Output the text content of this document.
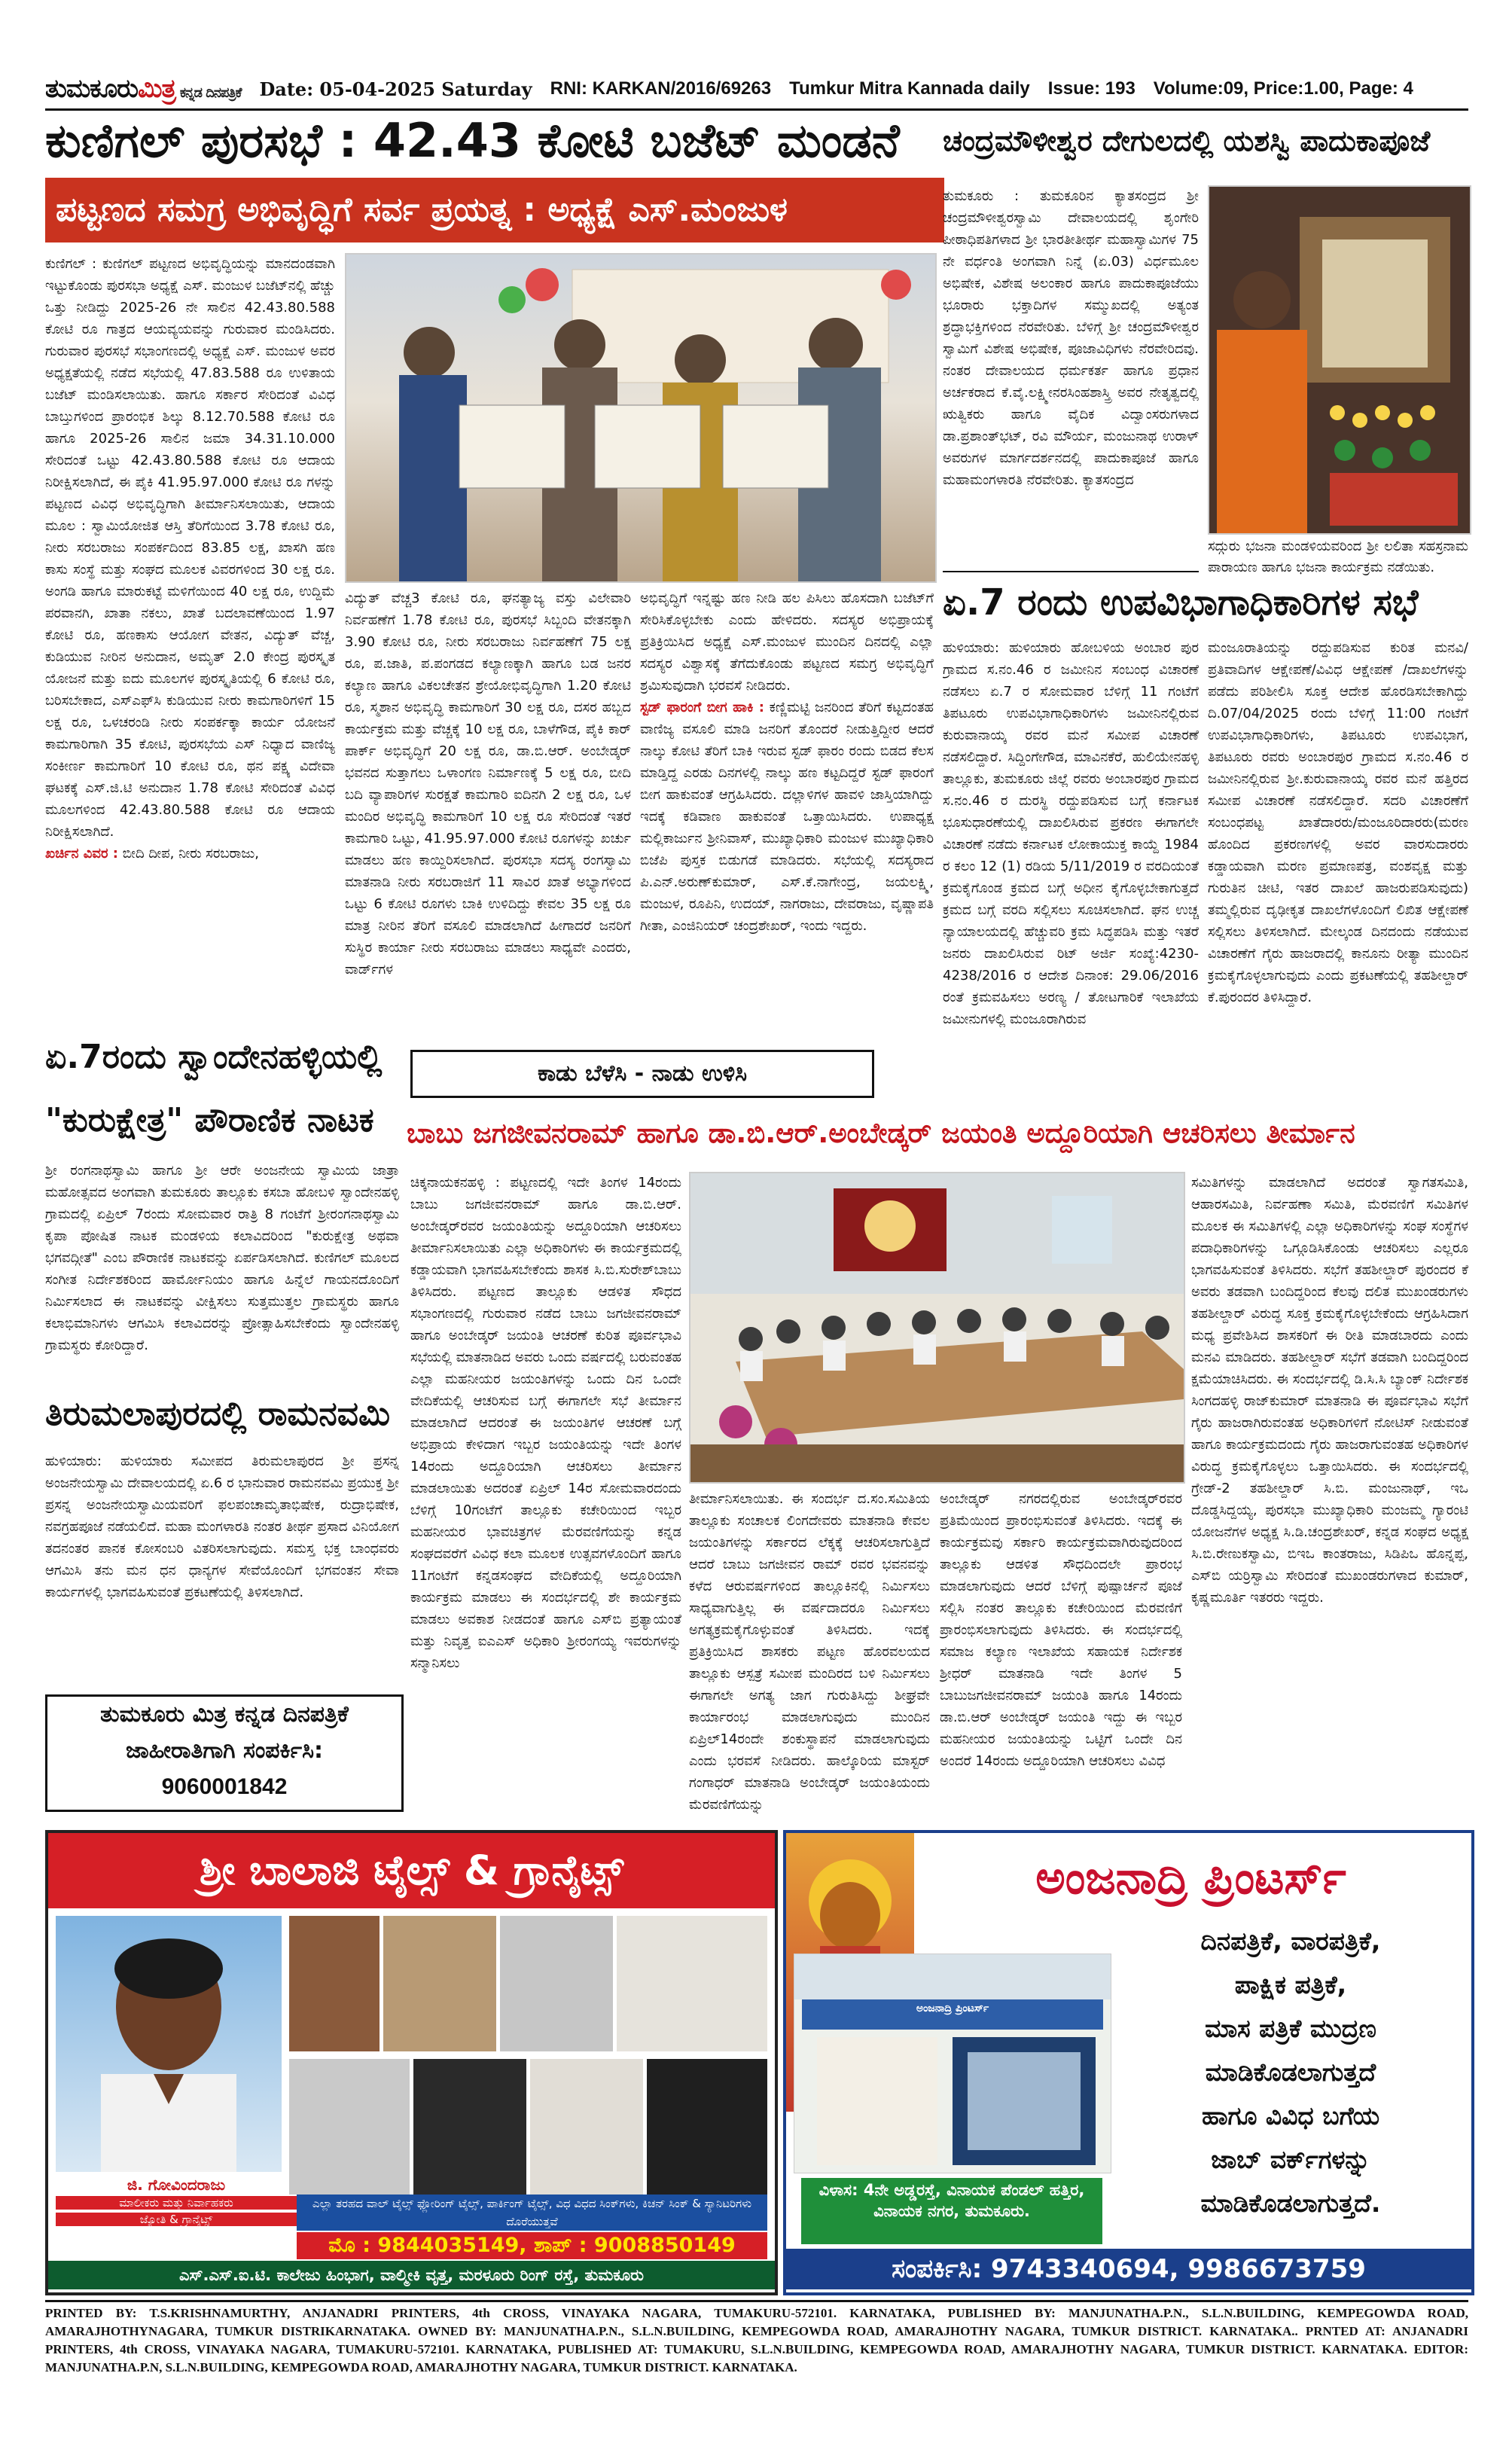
ತುಮಕೂರುಮಿತ್ರ ಕನ್ನಡ ದಿನಪತ್ರಿಕೆ Date: 05-04-2025 Saturday RNI: KARKAN/2016/69263 Tumkur Mitra Kannada daily Issue: 193 Volume:09, Price:1.00, Page: 4
ಕುಣಿಗಲ್ ಪುರಸಭೆ : 42.43 ಕೋಟಿ ಬಜೆಟ್ ಮಂಡನೆ
ಪಟ್ಟಣದ ಸಮಗ್ರ ಅಭಿವೃದ್ಧಿಗೆ ಸರ್ವ ಪ್ರಯತ್ನ : ಅಧ್ಯಕ್ಷೆ ಎಸ್.ಮಂಜುಳ

ಕುಣಿಗಲ್ : ಕುಣಿಗಲ್ ಪಟ್ಟಣದ ಅಭಿವೃದ್ಧಿಯನ್ನು ಮಾನದಂಡವಾಗಿ ಇಟ್ಟುಕೊಂಡು ಪುರಸಭಾ ಅಧ್ಯಕ್ಷೆ ಎಸ್. ಮಂಜುಳ ಬಜೆಟ್‌ನಲ್ಲಿ ಹೆಚ್ಚು ಒತ್ತು ನೀಡಿದ್ದು 2025-26 ನೇ ಸಾಲಿನ 42.43.80.588 ಕೋಟಿ ರೂ ಗಾತ್ರದ ಆಯವ್ಯಯವನ್ನು ಗುರುವಾರ ಮಂಡಿಸಿದರು. ಗುರುವಾರ ಪುರಸಭೆ ಸಭಾಂಗಣದಲ್ಲಿ ಅಧ್ಯಕ್ಷೆ ಎಸ್. ಮಂಜುಳ ಅವರ ಅಧ್ಯಕ್ಷತೆಯಲ್ಲಿ ನಡೆದ ಸಭೆಯಲ್ಲಿ 47.83.588 ರೂ ಉಳಿತಾಯ ಬಜೆಟ್ ಮಂಡಿಸಲಾಯಿತು. ಹಾಗೂ ಸರ್ಕಾರ ಸೇರಿದಂತೆ ವಿವಿಧ ಬಾಬ್ತುಗಳಿಂದ ಪ್ರಾರಂಭಿಕ ಶಿಲ್ಕು 8.12.70.588 ಕೋಟಿ ರೂ ಹಾಗೂ 2025-26 ಸಾಲಿನ ಜಮಾ 34.31.10.000 ಸೇರಿದಂತೆ ಒಟ್ಟು 42.43.80.588 ಕೋಟಿ ರೂ ಆದಾಯ ನಿರೀಕ್ಷಿಸಲಾಗಿದೆ, ಈ ಪೈಕಿ 41.95.97.000 ಕೋಟಿ ರೂ ಗಳನ್ನು ಪಟ್ಟಣದ ವಿವಿಧ ಅಭಿವೃದ್ಧಿಗಾಗಿ ತೀರ್ಮಾನಿಸಲಾಯಿತು, ಆದಾಯ ಮೂಲ : ಸ್ವಾಮಿಯೋಜಿತ ಆಸ್ತಿ ತೆರಿಗೆಯಿಂದ 3.78 ಕೋಟಿ ರೂ, ನೀರು ಸರಬರಾಜು ಸಂಪರ್ಕದಿಂದ 83.85 ಲಕ್ಷ, ಖಾಸಗಿ ಹಣ ಕಾಸು ಸಂಸ್ಥೆ ಮತ್ತು ಸಂಘದ ಮೂಲಕ ವಿವರಗಳಿಂದ 30 ಲಕ್ಷ ರೂ. ಅಂಗಡಿ ಹಾಗೂ ಮಾರುಕಟ್ಟೆ ಮಳಿಗೆಯಿಂದ 40 ಲಕ್ಷ ರೂ, ಉದ್ದಿಮೆ ಪರವಾನಗಿ, ಖಾತಾ ನಕಲು, ಖಾತೆ ಬದಲಾವಣೆಯಿಂದ 1.97 ಕೋಟಿ ರೂ, ಹಣಕಾಸು ಆಯೋಗ ವೇತನ, ವಿದ್ಯುತ್ ವೆಚ್ಚ, ಕುಡಿಯುವ ನೀರಿನ ಅನುದಾನ, ಅಮೃತ್ 2.0 ಕೇಂದ್ರ ಪುರಸ್ಕೃತ ಯೋಜನೆ ಮತ್ತು ಐದು ಮೂಲಗಳ ಪುರಸ್ಕೃತಿಯಲ್ಲಿ 6 ಕೋಟಿ ರೂ, ಬರಿಸಬೇಕಾದ, ಎಸ್‌ಎಫ್‌ಸಿ ಕುಡಿಯುವ ನೀರು ಕಾಮಗಾರಿಗಳಿಗೆ 15 ಲಕ್ಷ ರೂ, ಒಳಚರಂಡಿ ನೀರು ಸಂಪರ್ಕಕ್ಕಾ ಕಾರ್ಯ ಯೋಜನೆ ಕಾಮಗಾರಿಗಾಗಿ 35 ಕೋಟಿ, ಪುರಸಭೆಯ ಎಸ್ ನಿಧ್ಯಾದ ವಾಣಿಜ್ಯ ಸಂಕೀರ್ಣ ಕಾಮಗಾರಿಗೆ 10 ಕೋಟಿ ರೂ, ಥನ ಪಕ್ಷ್ಯ ವಿದೇವಾ ಘಟಕಕ್ಕೆ ಎಸ್.ಜಿ.ಟಿ ಅನುದಾನ 1.78 ಕೋಟಿ ಸೇರಿದಂತೆ ವಿವಿಧ ಮೂಲಗಳಿಂದ 42.43.80.588 ಕೋಟಿ ರೂ ಆದಾಯ ನಿರೀಕ್ಷಿಸಲಾಗಿದೆ.

ಖರ್ಚಿನ ವಿವರ : ಬೀದಿ ದೀಪ, ನೀರು ಸರಬರಾಜು,

ವಿದ್ಯುತ್ ವೆಚ್ಚ3 ಕೋಟಿ ರೂ, ಘನತ್ಯಾಜ್ಯ ವಸ್ತು ವಿಲೇವಾರಿ ನಿರ್ವಹಣೆಗೆ 1.78 ಕೋಟಿ ರೂ, ಪುರಸಭೆ ಸಿಬ್ಬಂದಿ ವೇತನಕ್ಕಾಗಿ 3.90 ಕೋಟಿ ರೂ, ನೀರು ಸರಬರಾಜು ನಿರ್ವಹಣೆಗೆ 75 ಲಕ್ಷ ರೂ, ಪ.ಜಾತಿ, ಪ.ಪಂಗಡದ ಕಲ್ಯಾಣಕ್ಕಾಗಿ ಹಾಗೂ ಬಡ ಜನರ ಕಲ್ಯಾಣ ಹಾಗೂ ವಿಕಲಚೇತನ ಶ್ರೇಯೋಭಿವೃದ್ಧಿಗಾಗಿ 1.20 ಕೋಟಿ ರೂ, ಸ್ಮಶಾನ ಅಭಿವೃದ್ಧಿ ಕಾಮಗಾರಿಗೆ 30 ಲಕ್ಷ ರೂ, ದಸರ ಹಬ್ಬದ ಕಾರ್ಯಕ್ರಮ ಮತ್ತು ವೆಚ್ಚಕ್ಕೆ 10 ಲಕ್ಷ ರೂ, ಬಾಳೆಗೌಡ, ಪೈಕಿ ಕಾರ್ ಪಾರ್ಕ್ ಅಭಿವೃದ್ಧಿಗೆ 20 ಲಕ್ಷ ರೂ, ಡಾ.ಬಿ.ಆರ್. ಅಂಬೇಡ್ಕರ್ ಭವನದ ಸುತ್ತಾಗಲು ಒಳಾಂಗಣ ನಿರ್ಮಾಣಕ್ಕೆ 5 ಲಕ್ಷ ರೂ, ಬೀದಿ ಬದಿ ವ್ಯಾಪಾರಿಗಳ ಸುರಕ್ಷತೆ ಕಾಮಗಾರಿ ಐದಿನಗಿ 2 ಲಕ್ಷ ರೂ, ಒಳ ಮಂದಿರ ಅಭಿವೃದ್ಧಿ ಕಾಮಗಾರಿಗೆ 10 ಲಕ್ಷ ರೂ ಸೇರಿದಂತೆ ಇತರೆ ಕಾಮಗಾರಿ ಒಟ್ಟು, 41.95.97.000 ಕೋಟಿ ರೂಗಳನ್ನು ಖರ್ಚು ಮಾಡಲು ಹಣ ಕಾಯ್ದಿರಿಸಲಾಗಿದೆ. ಪುರಸಭಾ ಸದಸ್ಯ ರಂಗಸ್ವಾಮಿ ಮಾತನಾಡಿ ನೀರು ಸರಬರಾಜಿಗೆ 11 ಸಾವಿರ ಖಾತೆ ಅಭ್ಯಾಗಳಿಂದ ಒಟ್ಟು 6 ಕೋಟಿ ರೂಗಳು ಬಾಕಿ ಉಳಿದಿದ್ದು ಕೇವಲ 35 ಲಕ್ಷ ರೂ ಮಾತ್ರ ನೀರಿನ ತೆರಿಗೆ ವಸೂಲಿ ಮಾಡಲಾಗಿದೆ ಹೀಗಾದರೆ ಜನರಿಗೆ ಸುಸ್ಥಿರ ಕಾರ್ಯಾ ನೀರು ಸರಬರಾಜು ಮಾಡಲು ಸಾಧ್ಯವೇ ಎಂದರು, ವಾರ್ಡ್‌ಗಳ

ಅಭಿವೃದ್ಧಿಗೆ ಇನ್ನಷ್ಟು ಹಣ ನೀಡಿ ಹಲ ಪಿಸಿಲು ಹೊಸದಾಗಿ ಬಜೆಟ್‌ಗೆ ಸೇರಿಸಿಕೊಳ್ಳಬೇಕು ಎಂದು ಹೇಳಿದರು. ಸದಸ್ಯರ ಅಭಿಪ್ರಾಯಕ್ಕೆ ಪ್ರತಿಕ್ರಿಯಿಸಿದ ಅಧ್ಯಕ್ಷೆ ಎಸ್.ಮಂಜುಳ ಮುಂದಿನ ದಿನದಲ್ಲಿ ಎಲ್ಲಾ ಸದಸ್ಯರ ವಿಶ್ವಾಸಕ್ಕೆ ತೆಗೆದುಕೊಂಡು ಪಟ್ಟಣದ ಸಮಗ್ರ ಅಭಿವೃದ್ಧಿಗೆ ಶ್ರಮಿಸುವುದಾಗಿ ಭರವಸೆ ನೀಡಿದರು.

ಸ್ಟಡ್ ಫಾರಂಗೆ ಬೀಗ ಹಾಕಿ : ಕಣ್ಣಿಮಟ್ಟಿ ಜನರಿಂದ ತೆರಿಗೆ ಕಟ್ಟದಂತಹ ವಾಣಿಜ್ಯ ವಸೂಲಿ ಮಾಡಿ ಜನರಿಗೆ ತೊಂದರೆ ನೀಡುತ್ತಿದ್ದೀರ ಆದರೆ ನಾಲ್ಕು ಕೋಟಿ ತೆರಿಗೆ ಬಾಕಿ ಇರುವ ಸ್ಟಡ್ ಫಾರಂ ರಂದು ಬಿಡದ ಕೆಲಸ ಮಾಡ್ತಿದ್ದ ಎರಡು ದಿನಗಳಲ್ಲಿ ನಾಲ್ಕು ಹಣ ಕಟ್ಟದಿದ್ದರೆ ಸ್ಟಡ್ ಫಾರಂಗೆ ಬೀಗ ಹಾಕುವಂತೆ ಆಗ್ರಹಿಸಿದರು. ದಲ್ಲಾಳಿಗಳ ಹಾವಳಿ ಜಾಸ್ತಿಯಾಗಿದ್ದು ಇದಕ್ಕೆ ಕಡಿವಾಣ ಹಾಕುವಂತೆ ಒತ್ತಾಯಿಸಿದರು. ಉಪಾಧ್ಯಕ್ಷ ಮಲ್ಲಿಕಾರ್ಜುನ ಶ್ರೀನಿವಾಸ್, ಮುಖ್ಯಾಧಿಕಾರಿ ಮಂಜುಳ ಮುಖ್ಯಾಧಿಕಾರಿ ಬಿಜೆಪಿ ಪುಸ್ತಕ ಬಿಡುಗಡೆ ಮಾಡಿದರು. ಸಭೆಯಲ್ಲಿ ಸದಸ್ಯರಾದ ಪಿ.ಎನ್.ಅರುಣ್‌ಕುಮಾರ್, ಎಸ್.ಕೆ.ನಾಗೇಂದ್ರ, ಜಯಲಕ್ಷ್ಮಿ, ಮಂಜುಳ, ರೂಪಿನಿ, ಉದಯ್, ನಾಗರಾಜು, ದೇವರಾಜು, ವೃಷ್ಣಾಪತಿ ಗೀತಾ, ಎಂಜಿನಿಯರ್ ಚಂದ್ರಶೇಖರ್, ಇಂದು ಇದ್ದರು.

ಚಂದ್ರಮೌಳೀಶ್ವರ ದೇಗುಲದಲ್ಲಿ ಯಶಸ್ವಿ ಪಾದುಕಾಪೂಜೆ

ತುಮಕೂರು : ತುಮಕೂರಿನ ಕ್ಯಾತಸಂದ್ರದ ಶ್ರೀ ಚಂದ್ರಮೌಳೀಶ್ವರಸ್ವಾಮಿ ದೇವಾಲಯದಲ್ಲಿ ಶೃಂಗೇರಿ ಪೀಠಾಧಿಪತಿಗಳಾದ ಶ್ರೀ ಭಾರತೀತೀರ್ಥ ಮಹಾಸ್ವಾಮಿಗಳ 75 ನೇ ವರ್ಧಂತಿ ಅಂಗವಾಗಿ ನಿನ್ನೆ (ಏ.03) ವಿರ್ಧಮೂಲ ಅಭಿಷೇಕ, ವಿಶೇಷ ಅಲಂಕಾರ ಹಾಗೂ ಪಾದುಕಾಪೂಜೆಯು ಭೂರಾರು ಭಕ್ತಾದಿಗಳ ಸಮ್ಮುಖದಲ್ಲಿ ಅತ್ಯಂತ ಶ್ರದ್ಧಾಭಕ್ತಿಗಳಿಂದ ನೆರವೇರಿತು. ಬೆಳಿಗ್ಗೆ ಶ್ರೀ ಚಂದ್ರಮೌಳೀಶ್ವರ ಸ್ವಾಮಿಗೆ ವಿಶೇಷ ಅಭಿಷೇಕ, ಪೂಜಾವಿಧಿಗಳು ನೆರವೇರಿದವು. ನಂತರ ದೇವಾಲಯದ ಧರ್ಮಕರ್ತ ಹಾಗೂ ಪ್ರಧಾನ ಅರ್ಚಕರಾದ ಕೆ.ವೈ.ಲಕ್ಷ್ಮೀನರಸಿಂಹಶಾಸ್ತ್ರಿ ಅವರ ನೇತೃತ್ವದಲ್ಲಿ ಋತ್ವಿಕರು ಹಾಗೂ ವೈದಿಕ ವಿದ್ವಾಂಸರುಗಳಾದ ಡಾ.ಪ್ರಶಾಂತ್‌ಭಟ್, ರವಿ ಮೌರ್ಯ, ಮಂಜುನಾಥ ಉರಾಳ್ ಅವರುಗಳ ಮಾರ್ಗದರ್ಶನದಲ್ಲಿ ಪಾದುಕಾಪೂಜೆ ಹಾಗೂ ಮಹಾಮಂಗಳಾರತಿ ನೆರವೇರಿತು. ಕ್ಯಾತಸಂದ್ರದ

ಸದ್ಗುರು ಭಜನಾ ಮಂಡಳಿಯವರಿಂದ ಶ್ರೀ ಲಲಿತಾ ಸಹಸ್ರನಾಮ ಪಾರಾಯಣ ಹಾಗೂ ಭಜನಾ ಕಾರ್ಯಕ್ರಮ ನಡೆಯಿತು.

ಏ.7 ರಂದು ಉಪವಿಭಾಗಾಧಿಕಾರಿಗಳ ಸಭೆ

ಹುಳಿಯಾರು: ಹುಳಿಯಾರು ಹೋಬಳಿಯ ಅಂಬಾರ ಪುರ ಗ್ರಾಮದ ಸ.ನಂ.46 ರ ಜಮೀನಿನ ಸಂಬಂಧ ವಿಚಾರಣೆ ನಡೆಸಲು ಏ.7 ರ ಸೋಮವಾರ ಬೆಳಿಗ್ಗೆ 11 ಗಂಟೆಗೆ ತಿಪಟೂರು ಉಪವಿಭಾಗಾಧಿಕಾರಿಗಳು ಜಮೀನಿನಲ್ಲಿರುವ ಕುರುವಾನಾಯ್ಕ ರವರ ಮನೆ ಸಮೀಪ ವಿಚಾರಣೆ ನಡೆಸಲಿದ್ದಾರೆ. ಸಿದ್ದಿಂಗೇಗೌಡ, ಮಾವಿನಕೆರೆ, ಹುಲಿಯೇನಹಳ್ಳಿ ತಾಲ್ಲೂಕು, ತುಮಕೂರು ಜಿಲ್ಲೆ ರವರು ಅಂಬಾರಪುರ ಗ್ರಾಮದ ಸ.ನಂ.46 ರ ದುರಸ್ಥಿ ರದ್ದುಪಡಿಸುವ ಬಗ್ಗೆ ಕರ್ನಾಟಕ ಭೂಸುಧಾರಣೆಯಲ್ಲಿ ದಾಖಲಿಸಿರುವ ಪ್ರಕರಣ ಈಗಾಗಲೇ ವಿಚಾರಣೆ ನಡೆದು ಕರ್ನಾಟಕ ಲೋಕಾಯುಕ್ತ ಕಾಯ್ದೆ 1984 ರ ಕಲಂ 12 (1) ರಡಿಯ 5/11/2019 ರ ವರದಿಯಂತೆ ಕ್ರಮಕೈಗೊಂಡ ಕ್ರಮದ ಬಗ್ಗೆ ಅಧೀನ ಕೈಗೊಳ್ಳಬೇಕಾಗುತ್ತದೆ ಕ್ರಮದ ಬಗ್ಗೆ ವರದಿ ಸಲ್ಲಿಸಲು ಸೂಚಿಸಲಾಗಿದೆ. ಘನ ಉಚ್ಚ ನ್ಯಾಯಾಲಯದಲ್ಲಿ ಹೆಚ್ಚುವರಿ ಕ್ರಮ ಸಿದ್ಧಪಡಿಸಿ ಮತ್ತು ಇತರೆ ಜನರು ದಾಖಲಿಸಿರುವ ರಿಟ್ ಅರ್ಜಿ ಸಂಖ್ಯೆ:4230-4238/2016 ರ ಆದೇಶ ದಿನಾಂಕ: 29.06/2016 ರಂತೆ ಕ್ರಮವಹಿಸಲು ಅರಣ್ಯ / ತೋಟಗಾರಿಕೆ ಇಲಾಖೆಯ ಜಮೀನುಗಳಲ್ಲಿ ಮಂಜೂರಾಗಿರುವ

ಮಂಜೂರಾತಿಯನ್ನು ರದ್ದುಪಡಿಸುವ ಕುರಿತ ಮನವಿ/ಪ್ರತಿವಾದಿಗಳ ಆಕ್ಷೇಪಣೆ/ವಿವಿಧ ಆಕ್ಷೇಪಣೆ /ದಾಖಲೆಗಳನ್ನು ಪಡೆದು ಪರಿಶೀಲಿಸಿ ಸೂಕ್ತ ಆದೇಶ ಹೊರಡಿಸಬೇಕಾಗಿದ್ದು ದಿ.07/04/2025 ರಂದು ಬೆಳಿಗ್ಗೆ 11:00 ಗಂಟೆಗೆ ಉಪವಿಭಾಗಾಧಿಕಾರಿಗಳು, ತಿಪಟೂರು ಉಪವಿಭಾಗ, ತಿಪಟೂರು ರವರು ಅಂಬಾರಪುರ ಗ್ರಾಮದ ಸ.ನಂ.46 ರ ಜಮೀನಿನಲ್ಲಿರುವ ಶ್ರೀ.ಕುರುವಾನಾಯ್ಕ ರವರ ಮನೆ ಹತ್ತಿರದ ಸಮೀಪ ವಿಚಾರಣೆ ನಡೆಸಲಿದ್ದಾರೆ. ಸದರಿ ವಿಚಾರಣೆಗೆ ಸಂಬಂಧಪಟ್ಟ ಖಾತೆದಾರರು/ಮಂಜೂರಿದಾರರು(ಮರಣ ಹೊಂದಿದ ಪ್ರಕರಣಗಳಲ್ಲಿ ಅವರ ವಾರಸುದಾರರು ಕಡ್ಡಾಯವಾಗಿ ಮರಣ ಪ್ರಮಾಣಪತ್ರ, ವಂಶವೃಕ್ಷ ಮತ್ತು ಗುರುತಿನ ಚೀಟಿ, ಇತರ ದಾಖಲೆ ಹಾಜರುಪಡಿಸುವುದು) ತಮ್ಮಲ್ಲಿರುವ ದೃಢೀಕೃತ ದಾಖಲೆಗಳೊಂದಿಗೆ ಲಿಖಿತ ಆಕ್ಷೇಪಣೆ ಸಲ್ಲಿಸಲು ತಿಳಿಸಲಾಗಿದೆ. ಮೇಲ್ಕಂಡ ದಿನದಂದು ನಡೆಯುವ ವಿಚಾರಣೆಗೆ ಗೈರು ಹಾಜರಾದಲ್ಲಿ ಕಾನೂನು ರೀತ್ಯಾ ಮುಂದಿನ ಕ್ರಮಕೈಗೊಳ್ಳಲಾಗುವುದು ಎಂದು ಪ್ರಕಟಣೆಯಲ್ಲಿ ತಹಶೀಲ್ದಾರ್ ಕೆ.ಪುರಂದರ ತಿಳಿಸಿದ್ದಾರೆ.

ಏ.7ರಂದು ಸ್ವಾಂದೇನಹಳ್ಳಿಯಲ್ಲಿ
"ಕುರುಕ್ಷೇತ್ರ" ಪೌರಾಣಿಕ ನಾಟಕ

ಶ್ರೀ ರಂಗನಾಥಸ್ವಾಮಿ ಹಾಗೂ ಶ್ರೀ ಆರೇ ಅಂಜನೇಯ ಸ್ವಾಮಿಯ ಜಾತ್ರಾ ಮಹೋತ್ಸವದ ಅಂಗವಾಗಿ ತುಮಕೂರು ತಾಲ್ಲೂಕು ಕಸಬಾ ಹೋಬಳಿ ಸ್ವಾಂದೇನಹಳ್ಳಿ ಗ್ರಾಮದಲ್ಲಿ ಏಪ್ರಿಲ್ 7ರಂದು ಸೋಮವಾರ ರಾತ್ರಿ 8 ಗಂಟೆಗೆ ಶ್ರೀರಂಗನಾಥಸ್ವಾಮಿ ಕೃಪಾ ಪೋಷಿತ ನಾಟಕ ಮಂಡಳಿಯ ಕಲಾವಿದರಿಂದ "ಕುರುಕ್ಷೇತ್ರ ಅಥವಾ ಭಗವದ್ಗೀತೆ" ಎಂಬ ಪೌರಾಣಿಕ ನಾಟಕವನ್ನು ಏರ್ಪಡಿಸಲಾಗಿದೆ. ಕುಣಿಗಲ್ ಮೂಲದ ಸಂಗೀತ ನಿರ್ದೇಶಕರಿಂದ ಹಾರ್ಮೋನಿಯಂ ಹಾಗೂ ಹಿನ್ನೆಲೆ ಗಾಯನದೊಂದಿಗೆ ನಿರ್ಮಿಸಲಾದ ಈ ನಾಟಕವನ್ನು ವೀಕ್ಷಿಸಲು ಸುತ್ತಮುತ್ತಲ ಗ್ರಾಮಸ್ಥರು ಹಾಗೂ ಕಲಾಭಿಮಾನಿಗಳು ಆಗಮಿಸಿ ಕಲಾವಿದರನ್ನು ಪ್ರೋತ್ಸಾಹಿಸಬೇಕೆಂದು ಸ್ವಾಂದೇನಹಳ್ಳಿ ಗ್ರಾಮಸ್ಥರು ಕೋರಿದ್ದಾರೆ.

ತಿರುಮಲಾಪುರದಲ್ಲಿ ರಾಮನವಮಿ

ಹುಳಿಯಾರು: ಹುಳಿಯಾರು ಸಮೀಪದ ತಿರುಮಲಾಪುರದ ಶ್ರೀ ಪ್ರಸನ್ನ ಅಂಜನೇಯಸ್ವಾಮಿ ದೇವಾಲಯದಲ್ಲಿ ಏ.6 ರ ಭಾನುವಾರ ರಾಮನವಮಿ ಪ್ರಯುಕ್ತ ಶ್ರೀ ಪ್ರಸನ್ನ ಅಂಜನೇಯಸ್ವಾಮಿಯವರಿಗೆ ಫಲಪಂಚಾಮೃತಾಭಿಷೇಕ, ರುದ್ರಾಭಿಷೇಕ, ನವಗ್ರಹಪೂಜೆ ನಡೆಯಲಿದೆ. ಮಹಾ ಮಂಗಳಾರತಿ ನಂತರ ತೀರ್ಥ ಪ್ರಸಾದ ವಿನಿಯೋಗ ತದನಂತರ ಪಾನಕ ಕೋಸಂಬರಿ ವಿತರಿಸಲಾಗುವುದು. ಸಮಸ್ತ ಭಕ್ತ ಬಾಂಧವರು ಆಗಮಿಸಿ ತನು ಮನ ಧನ ಧಾನ್ಯಗಳ ಸೇವೆಯೊಂದಿಗೆ ಭಗವಂತನ ಸೇವಾ ಕಾರ್ಯಗಳಲ್ಲಿ ಭಾಗವಹಿಸುವಂತೆ ಪ್ರಕಟಣೆಯಲ್ಲಿ ತಿಳಿಸಲಾಗಿದೆ.

ತುಮಕೂರು ಮಿತ್ರ ಕನ್ನಡ ದಿನಪತ್ರಿಕೆ
ಜಾಹೀರಾತಿಗಾಗಿ ಸಂಪರ್ಕಿಸಿ:
9060001842
ಕಾಡು ಬೆಳೆಸಿ - ನಾಡು ಉಳಿಸಿ
ಬಾಬು ಜಗಜೀವನರಾಮ್ ಹಾಗೂ ಡಾ.ಬಿ.ಆರ್.ಅಂಬೇಡ್ಕರ್ ಜಯಂತಿ ಅದ್ದೂರಿಯಾಗಿ ಆಚರಿಸಲು ತೀರ್ಮಾನ

ಚಿಕ್ಕನಾಯಕನಹಳ್ಳಿ : ಪಟ್ಟಣದಲ್ಲಿ ಇದೇ ತಿಂಗಳ 14ರಂದು ಬಾಬು ಜಗಜೀವನರಾಮ್ ಹಾಗೂ ಡಾ.ಬಿ.ಆರ್. ಅಂಬೇಡ್ಕರ್‌ರವರ ಜಯಂತಿಯನ್ನು ಅದ್ದೂರಿಯಾಗಿ ಆಚರಿಸಲು ತೀರ್ಮಾನಿಸಲಾಯಿತು ಎಲ್ಲಾ ಅಧಿಕಾರಿಗಳು ಈ ಕಾರ್ಯಕ್ರಮದಲ್ಲಿ ಕಡ್ಡಾಯವಾಗಿ ಭಾಗವಹಿಸಬೇಕೆಂದು ಶಾಸಕ ಸಿ.ಬಿ.ಸುರೇಶ್‌ಬಾಬು ತಿಳಿಸಿದರು. ಪಟ್ಟಣದ ತಾಲ್ಲೂಕು ಆಡಳಿತ ಸೌಧದ ಸಭಾಂಗಣದಲ್ಲಿ ಗುರುವಾರ ನಡೆದ ಬಾಬು ಜಗಜೀವನರಾಮ್ ಹಾಗೂ ಅಂಬೇಡ್ಕರ್ ಜಯಂತಿ ಆಚರಣೆ ಕುರಿತ ಪೂರ್ವಭಾವಿ ಸಭೆಯಲ್ಲಿ ಮಾತನಾಡಿದ ಅವರು ಒಂದು ವರ್ಷದಲ್ಲಿ ಬರುವಂತಹ ಎಲ್ಲಾ ಮಹನೀಯರ ಜಯಂತಿಗಳನ್ನು ಒಂದು ದಿನ ಒಂದೇ ವೇದಿಕೆಯಲ್ಲಿ ಆಚರಿಸುವ ಬಗ್ಗೆ ಈಗಾಗಲೇ ಸಭೆ ತೀರ್ಮಾನ ಮಾಡಲಾಗಿದೆ ಆದರಂತೆ ಈ ಜಯಂತಿಗಳ ಆಚರಣೆ ಬಗ್ಗೆ ಅಭಿಪ್ರಾಯ ಕೇಳಿದಾಗ ಇಬ್ಬರ ಜಯಂತಿಯನ್ನು ಇದೇ ತಿಂಗಳ 14ರಂದು ಅದ್ದೂರಿಯಾಗಿ ಆಚರಿಸಲು ತೀರ್ಮಾನ ಮಾಡಲಾಯಿತು ಅದರಂತೆ ಏಪ್ರಿಲ್ 14ರ ಸೋಮವಾರದಂದು ಬೆಳಿಗ್ಗೆ 10ಗಂಟೆಗೆ ತಾಲ್ಲೂಕು ಕಚೇರಿಯಿಂದ ಇಬ್ಬರ ಮಹನೀಯರ ಭಾವಚಿತ್ರಗಳ ಮೆರವಣಿಗೆಯನ್ನು ಕನ್ನಡ ಸಂಘದವರೆಗೆ ವಿವಿಧ ಕಲಾ ಮೂಲಕ ಉತ್ಸವಗಳೊಂದಿಗೆ ಹಾಗೂ 11ಗಂಟೆಗೆ ಕನ್ನಡಸಂಘದ ವೇದಿಕೆಯಲ್ಲಿ ಅದ್ದೂರಿಯಾಗಿ ಕಾರ್ಯಕ್ರಮ ಮಾಡಲು ಈ ಸಂದರ್ಭದಲ್ಲಿ ಶೇ ಕಾರ್ಯಕ್ರಮ ಮಾಡಲು ಅವಕಾಶ ನೀಡದಂತೆ ಹಾಗೂ ಎಸ್‌ಬಿ ಪ್ರತ್ಯಾಯಂತೆ ಮತ್ತು ನಿವೃತ್ತ ಐಎಎಸ್ ಅಧಿಕಾರಿ ಶ್ರೀರಂಗಯ್ಯ ಇವರುಗಳನ್ನು ಸನ್ಮಾನಿಸಲು

ತೀರ್ಮಾನಿಸಲಾಯಿತು. ಈ ಸಂದರ್ಭ ದ.ಸಂ.ಸಮಿತಿಯ ತಾಲ್ಲೂಕು ಸಂಚಾಲಕ ಲಿಂಗದೇವರು ಮಾತನಾಡಿ ಕೇವಲ ಜಯಂತಿಗಳನ್ನು ಸರ್ಕಾರದ ಲೆಕ್ಕಕ್ಕೆ ಆಚರಿಸಲಾಗುತ್ತಿದೆ ಆದರೆ ಬಾಬು ಜಗಜೀವನ ರಾಮ್ ರವರ ಭವನವನ್ನು ಕಳೆದ ಆರುವರ್ಷಗಳಿಂದ ತಾಲ್ಲೂಕಿನಲ್ಲಿ ನಿರ್ಮಿಸಲು ಸಾಧ್ಯವಾಗುತ್ತಿಲ್ಲ ಈ ವರ್ಷದಾದರೂ ನಿರ್ಮಿಸಲು ಅಗತ್ಯಕ್ರಮಕೈಗೊಳ್ಳುವಂತೆ ತಿಳಿಸಿದರು. ಇದಕ್ಕೆ ಪ್ರತಿಕ್ರಿಯಿಸಿದ ಶಾಸಕರು ಪಟ್ಟಣ ಹೊರವಲಯದ ತಾಲ್ಲೂಕು ಆಸ್ಪತ್ರೆ ಸಮೀಪ ಮಂದಿರದ ಬಳಿ ನಿರ್ಮಿಸಲು ಈಗಾಗಲೇ ಅಗತ್ಯ ಜಾಗ ಗುರುತಿಸಿದ್ದು ಶೀಘ್ರವೇ ಕಾರ್ಯಾರಂಭ ಮಾಡಲಾಗುವುದು ಮುಂದಿನ ಏಪ್ರಿಲ್‌14ರಂದೇ ಶಂಕುಸ್ಥಾಪನೆ ಮಾಡಲಾಗುವುದು ಎಂದು ಭರವಸೆ ನೀಡಿದರು. ಹಾಲ್ಕೊರಿಯ ಮಾಸ್ಟರ್ ಗಂಗಾಧರ್ ಮಾತನಾಡಿ ಅಂಬೇಡ್ಕರ್ ಜಯಂತಿಯಂದು ಮೆರವಣಿಗೆಯನ್ನು

ಅಂಬೇಡ್ಕರ್ ನಗರದಲ್ಲಿರುವ ಅಂಬೇಡ್ಕರ್‌ರವರ ಪ್ರತಿಮೆಯಿಂದ ಪ್ರಾರಂಭಿಸುವಂತೆ ತಿಳಿಸಿದರು. ಇದಕ್ಕೆ ಈ ಕಾರ್ಯಕ್ರಮವು ಸರ್ಕಾರಿ ಕಾರ್ಯಕ್ರಮವಾಗಿರುವುದರಿಂದ ತಾಲ್ಲೂಕು ಆಡಳಿತ ಸೌಧದಿಂದಲೇ ಪ್ರಾರಂಭ ಮಾಡಲಾಗುವುದು ಆದರೆ ಬೆಳಿಗ್ಗೆ ಪುಷ್ಪಾರ್ಚನೆ ಪೂಜೆ ಸಲ್ಲಿಸಿ ನಂತರ ತಾಲ್ಲೂಕು ಕಚೇರಿಯಿಂದ ಮೆರವಣಿಗೆ ಪ್ರಾರಂಭಿಸಲಾಗುವುದು ತಿಳಿಸಿದರು. ಈ ಸಂದರ್ಭದಲ್ಲಿ ಸಮಾಜ ಕಲ್ಯಾಣ ಇಲಾಖೆಯ ಸಹಾಯಕ ನಿರ್ದೇಶಕ ಶ್ರೀಧರ್ ಮಾತನಾಡಿ ಇದೇ ತಿಂಗಳ 5 ಬಾಬುಜಗಜೀವನರಾಮ್ ಜಯಂತಿ ಹಾಗೂ 14ರಂದು ಡಾ.ಬಿ.ಆರ್ ಅಂಬೇಡ್ಕರ್ ಜಯಂತಿ ಇದ್ದು ಈ ಇಬ್ಬರ ಮಹನೀಯರ ಜಯಂತಿಯನ್ನು ಒಟ್ಟಿಗೆ ಒಂದೇ ದಿನ ಅಂದರೆ 14ರಂದು ಅದ್ದೂರಿಯಾಗಿ ಆಚರಿಸಲು ವಿವಿಧ

ಸಮಿತಿಗಳನ್ನು ಮಾಡಲಾಗಿದೆ ಅದರಂತೆ ಸ್ವಾಗತಸಮಿತಿ, ಆಹಾರಸಮಿತಿ, ನಿರ್ವಹಣಾ ಸಮಿತಿ, ಮೆರವಣಿಗೆ ಸಮಿತಿಗಳ ಮೂಲಕ ಈ ಸಮಿತಿಗಳಲ್ಲಿ ಎಲ್ಲಾ ಅಧಿಕಾರಿಗಳನ್ನು ಸಂಘ ಸಂಸ್ಥೆಗಳ ಪದಾಧಿಕಾರಿಗಳನ್ನು ಒಗ್ಗೂಡಿಸಿಕೊಂಡು ಆಚರಿಸಲು ಎಲ್ಲರೂ ಭಾಗವಹಿಸುವಂತೆ ತಿಳಿಸಿದರು. ಸಭೆಗೆ ತಹಶೀಲ್ದಾರ್ ಪುರಂದರ ಕೆ ಅವರು ತಡವಾಗಿ ಬಂದಿದ್ದರಿಂದ ಕೆಲವು ದಲಿತ ಮುಖಂಡರುಗಳು ತಹಶೀಲ್ದಾರ್ ವಿರುದ್ಧ ಸೂಕ್ತ ಕ್ರಮಕೈಗೊಳ್ಳಬೇಕೆಂದು ಆಗ್ರಹಿಸಿದಾಗ ಮಧ್ಯ ಪ್ರವೇಶಿಸಿದ ಶಾಸಕರಿಗೆ ಈ ರೀತಿ ಮಾಡಬಾರದು ಎಂದು ಮನವಿ ಮಾಡಿದರು. ತಹಶೀಲ್ದಾರ್ ಸಭೆಗೆ ತಡವಾಗಿ ಬಂದಿದ್ದರಿಂದ ಕ್ಷಮೆಯಾಚಿಸಿದರು. ಈ ಸಂದರ್ಭದಲ್ಲಿ ಡಿ.ಸಿ.ಸಿ ಬ್ಯಾಂಕ್ ನಿರ್ದೇಶಕ ಸಿಂಗದಹಳ್ಳಿ ರಾಜ್‌ಕುಮಾರ್ ಮಾತನಾಡಿ ಈ ಪೂರ್ವಭಾವಿ ಸಭೆಗೆ ಗೈರು ಹಾಜರಾಗಿರುವಂತಹ ಅಧಿಕಾರಿಗಳಿಗೆ ನೋಟಿಸ್ ನೀಡುವಂತೆ ಹಾಗೂ ಕಾರ್ಯಕ್ರಮದಂದು ಗೈರು ಹಾಜರಾಗುವಂತಹ ಅಧಿಕಾರಿಗಳ ವಿರುದ್ಧ ಕ್ರಮಕೈಗೊಳ್ಳಲು ಒತ್ತಾಯಿಸಿದರು. ಈ ಸಂದರ್ಭದಲ್ಲಿ ಗ್ರೇಡ್-2 ತಹಶೀಲ್ದಾರ್ ಸಿ.ಬಿ. ಮಂಜುನಾಥ್, ಇಒ ದೊಡ್ಡಸಿದ್ದಯ್ಯ, ಪುರಸಭಾ ಮುಖ್ಯಾಧಿಕಾರಿ ಮಂಜಮ್ಮ ಗ್ಯಾರಂಟಿ ಯೋಜನೆಗಳ ಅಧ್ಯಕ್ಷ ಸಿ.ಡಿ.ಚಂದ್ರಶೇಖರ್, ಕನ್ನಡ ಸಂಘದ ಅಧ್ಯಕ್ಷ ಸಿ.ಬಿ.ರೇಣುಕಸ್ವಾಮಿ, ಬಿಇಒ ಕಾಂತರಾಜು, ಸಿಡಿಪಿಒ ಹೊನ್ನಪ್ಪ, ಎಸ್‌ಬಿ ಯರ್ರಿಸ್ವಾಮಿ ಸೇರಿದಂತೆ ಮುಖಂಡರುಗಳಾದ ಕುಮಾರ್, ಕೃಷ್ಣಮೂರ್ತಿ ಇತರರು ಇದ್ದರು.

ಶ್ರೀ ಬಾಲಾಜಿ ಟೈಲ್ಸ್ & ಗ್ರಾನೈಟ್ಸ್
ಜಿ. ಗೋವಿಂದರಾಜು
ಮಾಲೀಕರು ಮತ್ತು ನಿರ್ವಾಹಕರು
ಜ್ಯೋತಿ & ಗ್ರಾನೈಟ್ಸ್
ಎಲ್ಲಾ ತರಹದ ವಾಲ್ ಟೈಲ್ಸ್ ಫ್ಲೋರಿಂಗ್ ಟೈಲ್ಸ್, ಪಾರ್ಕಿಂಗ್ ಟೈಲ್ಸ್, ವಿಧ ವಿಧದ ಸಿಂಕ್‌ಗಳು, ಕಿಚನ್ ಸಿಂಕ್ & ಸ್ಯಾನಿಟರಿಗಳು ದೊರೆಯುತ್ತವೆ
ಮೊ : 9844035149, ಶಾಪ್ : 9008850149
ಎಸ್.ಎಸ್.ಐ.ಟಿ. ಕಾಲೇಜು ಹಿಂಭಾಗ, ವಾಲ್ಮೀಕಿ ವೃತ್ತ, ಮರಳೂರು ರಿಂಗ್ ರಸ್ತೆ, ತುಮಕೂರು
ಅಂಜನಾದ್ರಿ ಪ್ರಿಂಟರ್ಸ್
ಅಂಜನಾದ್ರಿ ಪ್ರಿಂಟರ್ಸ್
ದಿನಪತ್ರಿಕೆ, ವಾರಪತ್ರಿಕೆ,
ಪಾಕ್ಷಿಕ ಪತ್ರಿಕೆ,
ಮಾಸ ಪತ್ರಿಕೆ ಮುದ್ರಣ
ಮಾಡಿಕೊಡಲಾಗುತ್ತದೆ
ಹಾಗೂ ವಿವಿಧ ಬಗೆಯ
ಜಾಬ್ ವರ್ಕ್‌ಗಳನ್ನು
ಮಾಡಿಕೊಡಲಾಗುತ್ತದೆ.
ವಿಳಾಸ: 4ನೇ ಅಡ್ಡರಸ್ತೆ, ವಿನಾಯಕ ಪೆಂಡಲ್ ಹತ್ತಿರ, ವಿನಾಯಕ ನಗರ, ತುಮಕೂರು.
ಸಂಪರ್ಕಿಸಿ: 9743340694, 9986673759
PRINTED BY: T.S.KRISHNAMURTHY, ANJANADRI PRINTERS, 4th CROSS, VINAYAKA NAGARA, TUMAKURU-572101. KARNATAKA, PUBLISHED BY: MANJUNATHA.P.N., S.L.N.BUILDING, KEMPEGOWDA ROAD, AMARAJHOTHYNAGARA, TUMKUR DISTRIKARNATAKA. OWNED BY: MANJUNATHA.P.N., S.L.N.BUILDING, KEMPEGOWDA ROAD, AMARAJHOTHY NAGARA, TUMKUR DISTRICT. KARNATAKA.. PRNTED AT: ANJANADRI PRINTERS, 4th CROSS, VINAYAKA NAGARA, TUMAKURU-572101. KARNATAKA, PUBLISHED AT: TUMAKURU, S.L.N.BUILDING, KEMPEGOWDA ROAD, AMARAJHOTHY NAGARA, TUMKUR DISTRICT. KARNATAKA. EDITOR: MANJUNATHA.P.N, S.L.N.BUILDING, KEMPEGOWDA ROAD, AMARAJHOTHY NAGARA, TUMKUR DISTRICT. KARNATAKA.
